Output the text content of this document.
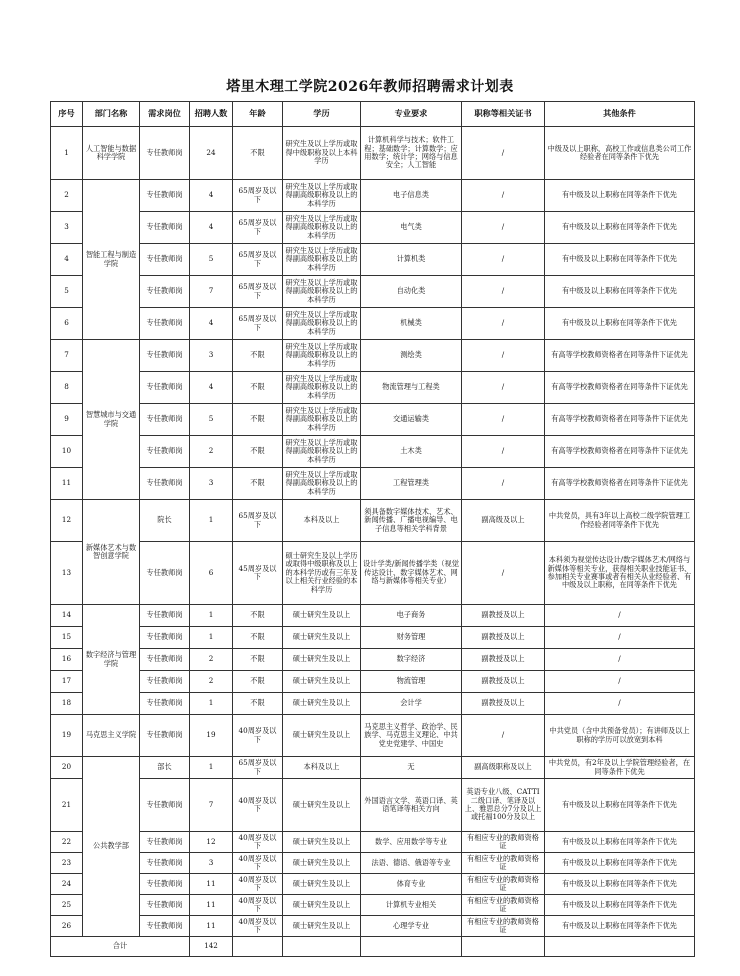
塔里木理工学院2026年教师招聘需求计划表
序号	部门名称	需求岗位	招聘人数	年龄	学历	专业要求	职称等相关证书	其他条件
1	人工智能与数据科学学院	专任教师岗	24	不限	研究生及以上学历或取得中级职称及以上本科学历	计算机科学与技术；软件工程；基础数学；计算数学；应用数学；统计学；网络与信息安全；人工智能	/	中级及以上职称，高校工作或信息类公司工作经验者在同等条件下优先
2	智能工程与制造学院	专任教师岗	4	65周岁及以下	研究生及以上学历或取得副高级职称及以上的本科学历	电子信息类	/	有中级及以上职称在同等条件下优先
3		专任教师岗	4	65周岁及以下	研究生及以上学历或取得副高级职称及以上的本科学历	电气类	/	有中级及以上职称在同等条件下优先
4		专任教师岗	5	65周岁及以下	研究生及以上学历或取得副高级职称及以上的本科学历	计算机类	/	有中级及以上职称在同等条件下优先
5		专任教师岗	7	65周岁及以下	研究生及以上学历或取得副高级职称及以上的本科学历	自动化类	/	有中级及以上职称在同等条件下优先
6		专任教师岗	4	65周岁及以下	研究生及以上学历或取得副高级职称及以上的本科学历	机械类	/	有中级及以上职称在同等条件下优先
7	智慧城市与交通学院	专任教师岗	3	不限	研究生及以上学历或取得副高级职称及以上的本科学历	测绘类	/	有高等学校教师资格者在同等条件下证优先
8		专任教师岗	4	不限	研究生及以上学历或取得副高级职称及以上的本科学历	物流管理与工程类	/	有高等学校教师资格者在同等条件下证优先
9		专任教师岗	5	不限	研究生及以上学历或取得副高级职称及以上的本科学历	交通运输类	/	有高等学校教师资格者在同等条件下证优先
10		专任教师岗	2	不限	研究生及以上学历或取得副高级职称及以上的本科学历	土木类	/	有高等学校教师资格者在同等条件下证优先
11		专任教师岗	3	不限	研究生及以上学历或取得副高级职称及以上的本科学历	工程管理类	/	有高等学校教师资格者在同等条件下证优先
12	新媒体艺术与数智创意学院	院长	1	65周岁及以下	本科及以上	须具备数字媒体技术、艺术、新闻传播、广播电视编导、电子信息等相关学科背景	副高级及以上	中共党员，具有3年以上高校二级学院管理工作经验者同等条件下优先
13		专任教师岗	6	45周岁及以下	硕士研究生及以上学历或取得中级职称及以上的本科学历或有三年及以上相关行业经验的本科学历	设计学类/新闻传播学类（视觉传达设计、数字媒体艺术、网络与新媒体等相关专业）	/	本科须为视觉传达设计/数字媒体艺术/网络与新媒体等相关专业，获得相关职业技能证书、参加相关专业赛事或者有相关从业经验者、有中级及以上职称，在同等条件下优先
14	数字经济与管理学院	专任教师岗	1	不限	硕士研究生及以上	电子商务	副教授及以上	/
15		专任教师岗	1	不限	硕士研究生及以上	财务管理	副教授及以上	/
16		专任教师岗	2	不限	硕士研究生及以上	数字经济	副教授及以上	/
17		专任教师岗	2	不限	硕士研究生及以上	物流管理	副教授及以上	/
18		专任教师岗	1	不限	硕士研究生及以上	会计学	副教授及以上	/
19	马克思主义学院	专任教师岗	19	40周岁及以下	硕士研究生及以上	马克思主义哲学、政治学、民族学、马克思主义理论、中共党史党建学、中国史	/	中共党员（含中共预备党员）；有讲师及以上职称的学历可以放宽到本科
20	公共教学部	部长	1	65周岁及以下	本科及以上	无	副高级职称及以上	中共党员，有2年及以上学院管理经验者，在同等条件下优先
21		专任教师岗	7	40周岁及以下	硕士研究生及以上	外国语言文学、英语口译、英语笔译等相关方向	英语专业八级、CATTI二级口译、笔译及以上、雅思总分7分及以上或托福100分及以上	有中级及以上职称在同等条件下优先
22		专任教师岗	12	40周岁及以下	硕士研究生及以上	数学、应用数学等专业	有相应专业的教师资格证	有中级及以上职称在同等条件下优先
23		专任教师岗	3	40周岁及以下	硕士研究生及以上	法语、德语、俄语等专业	有相应专业的教师资格证	有中级及以上职称在同等条件下优先
24		专任教师岗	11	40周岁及以下	硕士研究生及以上	体育专业	有相应专业的教师资格证	有中级及以上职称在同等条件下优先
25		专任教师岗	11	40周岁及以下	硕士研究生及以上	计算机专业相关	有相应专业的教师资格证	有中级及以上职称在同等条件下优先
26		专任教师岗	11	40周岁及以下	硕士研究生及以上	心理学专业	有相应专业的教师资格证	有中级及以上职称在同等条件下优先
合计			142					
